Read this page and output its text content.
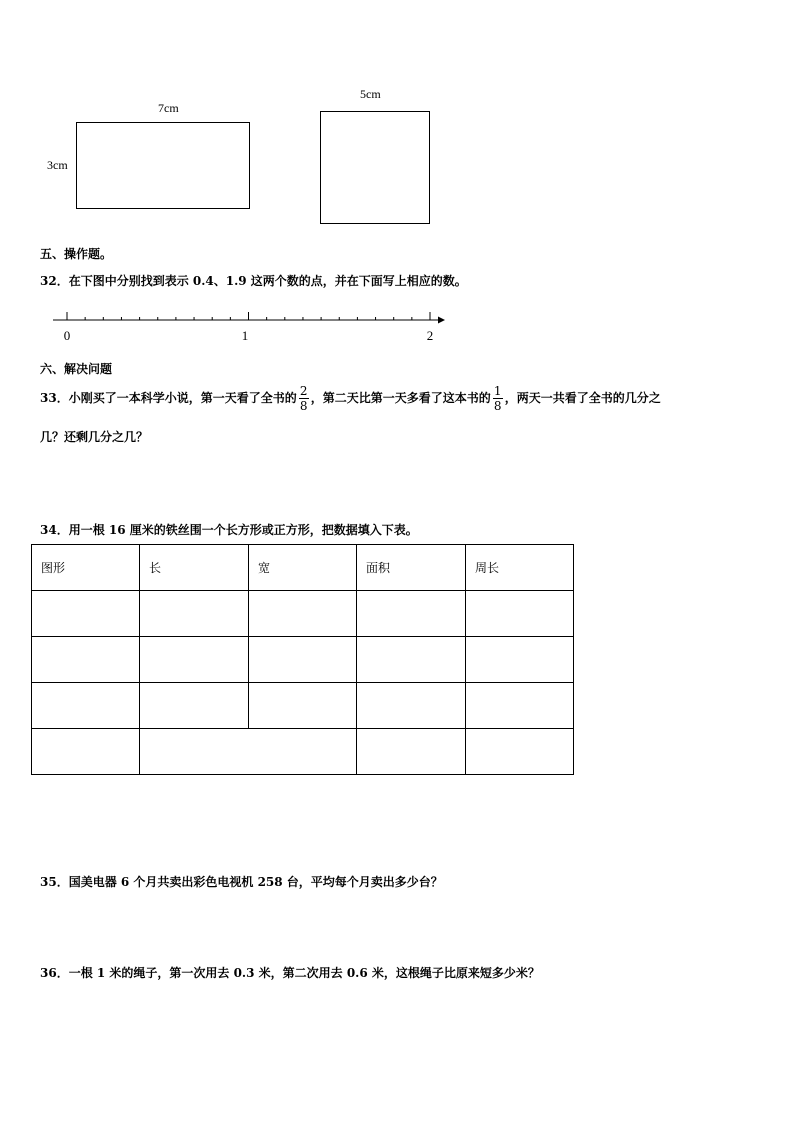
7cm
3cm
5cm
五、操作题。
32．在下图中分别找到表示 0.4、1.9 这两个数的点，并在下面写上相应的数。
0	1	2
六、解决问题
33．小刚买了一本科学小说，第一天看了全书的 $\frac{2}{8}$ ，第二天比第一天多看了这本书的 $\frac{1}{8}$ ，两天一共看了全书的几分之
几？还剩几分之几？
34．用一根 16 厘米的铁丝围一个长方形或正方形，把数据填入下表。
图形	长	宽	面积	周长

35．国美电器 6 个月共卖出彩色电视机 258 台，平均每个月卖出多少台？
36．一根 1 米的绳子，第一次用去 0.3 米，第二次用去 0.6 米，这根绳子比原来短多少米？
